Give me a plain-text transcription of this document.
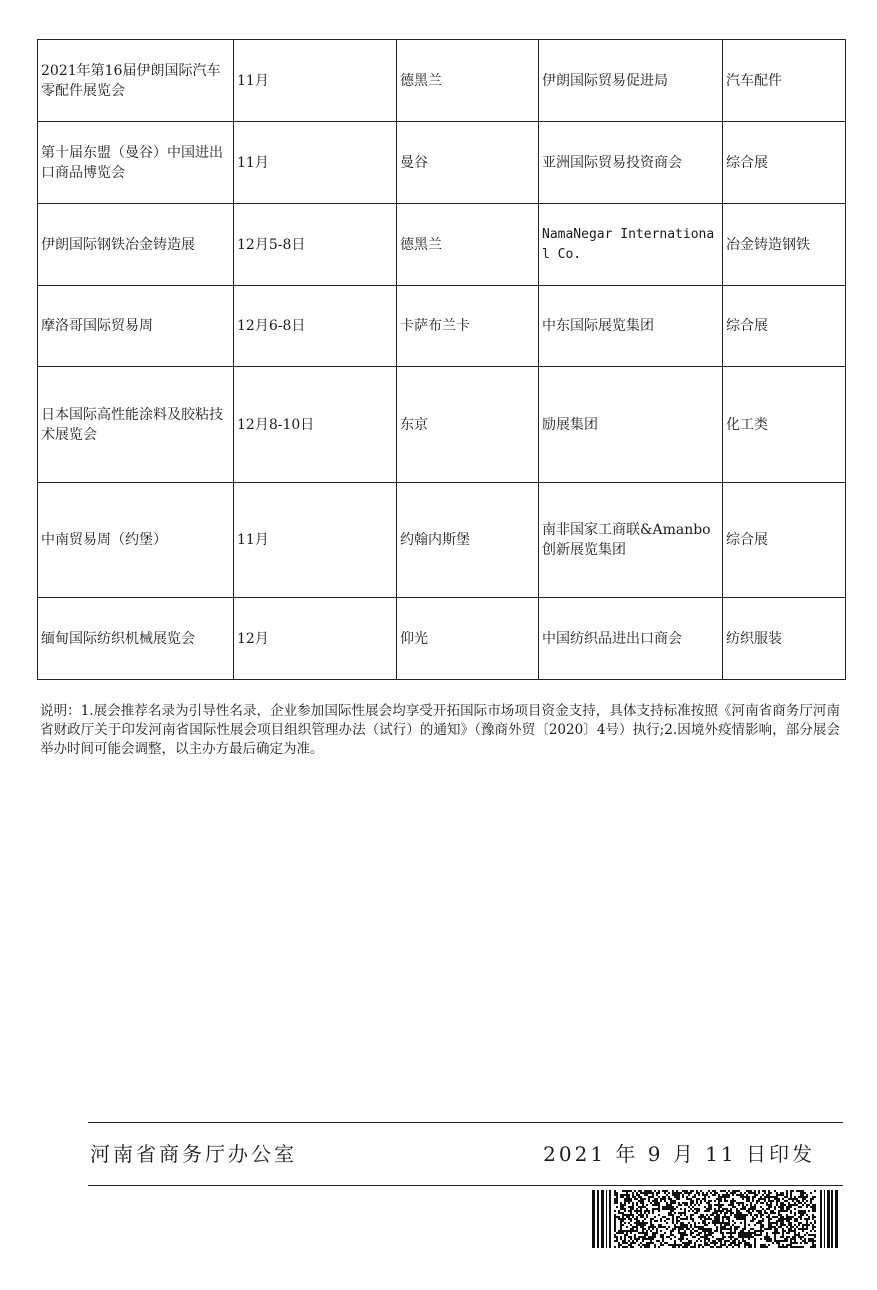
2021年第16届伊朗国际汽车零配件展览会	11月	德黑兰	伊朗国际贸易促进局	汽车配件
第十届东盟（曼谷）中国进出口商品博览会	11月	曼谷	亚洲国际贸易投资商会	综合展
伊朗国际钢铁冶金铸造展	12月5-8日	德黑兰	NamaNegar International Co.	冶金铸造钢铁
摩洛哥国际贸易周	12月6-8日	卡萨布兰卡	中东国际展览集团	综合展
日本国际高性能涂料及胶粘技术展览会	12月8-10日	东京	励展集团	化工类
中南贸易周（约堡）	11月	约翰内斯堡	南非国家工商联&Amanbo创新展览集团	综合展
缅甸国际纺织机械展览会	12月	仰光	中国纺织品进出口商会	纺织服装
说明：1.展会推荐名录为引导性名录，企业参加国际性展会均享受开拓国际市场项目资金支持，具体支持标准按照《河南省商务厅河南省财政厅关于印发河南省国际性展会项目组织管理办法（试行）的通知》（豫商外贸〔2020〕4号）执行;2.因境外疫情影响，部分展会举办时间可能会调整，以主办方最后确定为准。
河南省商务厅办公室	2021 年 9 月 11 日印发
